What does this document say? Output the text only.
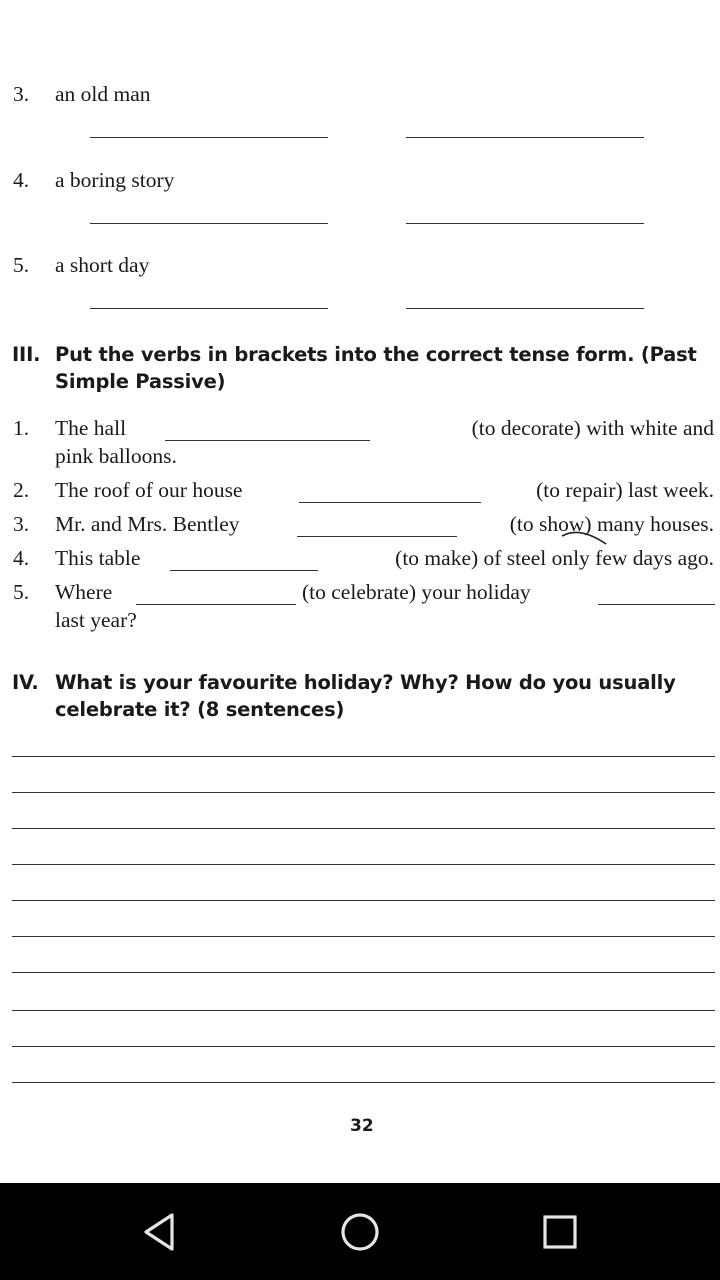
3. an old man
4. a boring story
5. a short day
III. Put the verbs in brackets into the correct tense form. (Past
Simple Passive)
1. The hall	(to decorate) with white and
pink balloons.
2. The roof of our house	(to repair) last week.
3. Mr. and Mrs. Bentley	(to show) many houses.
4. This table	(to make) of steel only few days ago.
5. Where	(to celebrate) your holiday
last year?
IV. What is your favourite holiday? Why? How do you usually
celebrate it? (8 sentences)
32
